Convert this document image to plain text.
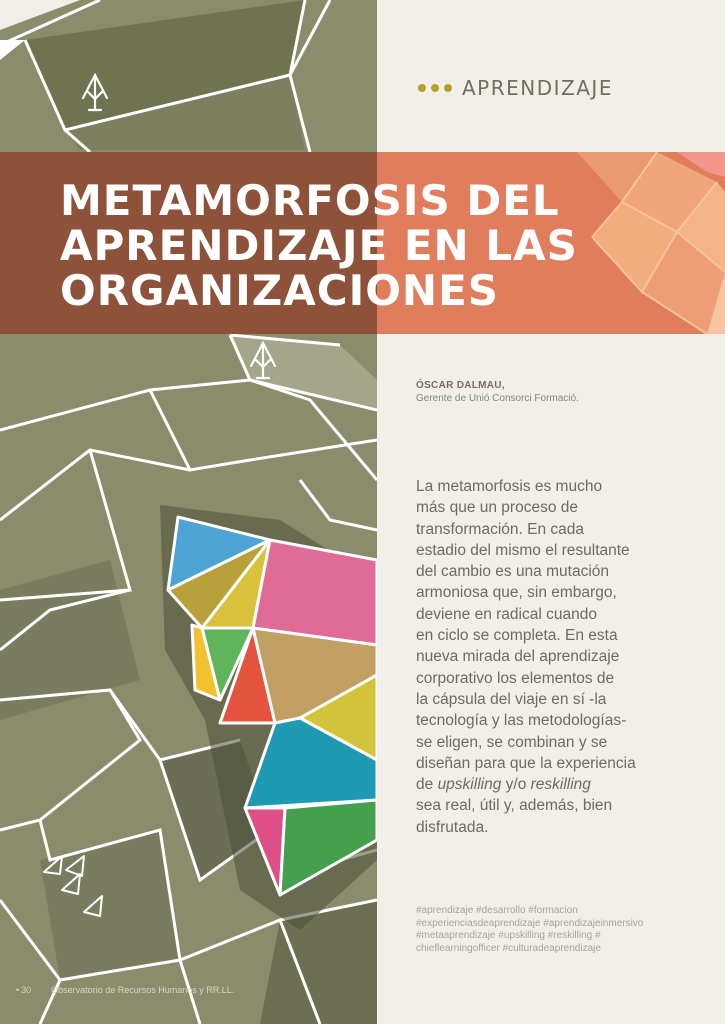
APRENDIZAJE
METAMORFOSIS DEL
APRENDIZAJE EN LAS
ORGANIZACIONES
ÓSCAR DALMAU,
Gerente de Unió Consorci Formació.

La metamorfosis es mucho
más que un proceso de
transformación. En cada
estadio del mismo el resultante
del cambio es una mutación
armoniosa que, sin embargo,
deviene en radical cuando
en ciclo se completa. En esta
nueva mirada del aprendizaje
corporativo los elementos de
la cápsula del viaje en sí -la
tecnología y las metodologías-
se eligen, se combinan y se
diseñan para que la experiencia
de upskilling y/o reskilling
sea real, útil y, además, bien
disfrutada.

#aprendizaje #desarrollo #formacion
#experienciasdeaprendizaje #aprendizajeinmersivo
#metaaprendizaje #upskilling #reskilling #
chieflearningofficer #culturadeaprendizaje
• 30 Observatorio de Recursos Humanos y RR.LL.
